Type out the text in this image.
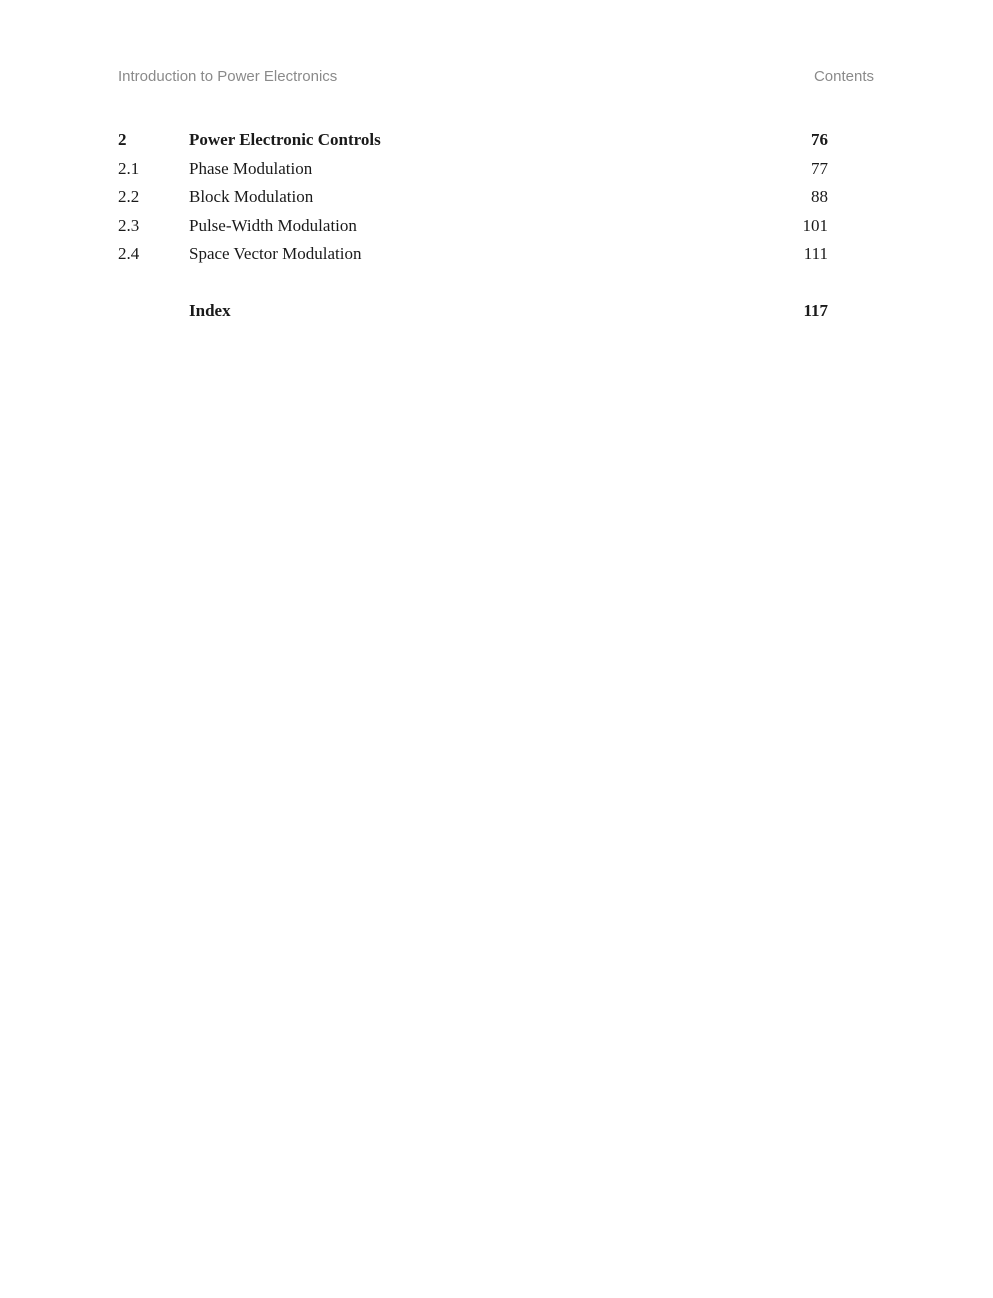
Introduction to Power Electronics	Contents
2	Power Electronic Controls	76
2.1	Phase Modulation	77
2.2	Block Modulation	88
2.3	Pulse-Width Modulation	101
2.4	Space Vector Modulation	111
Index	117
